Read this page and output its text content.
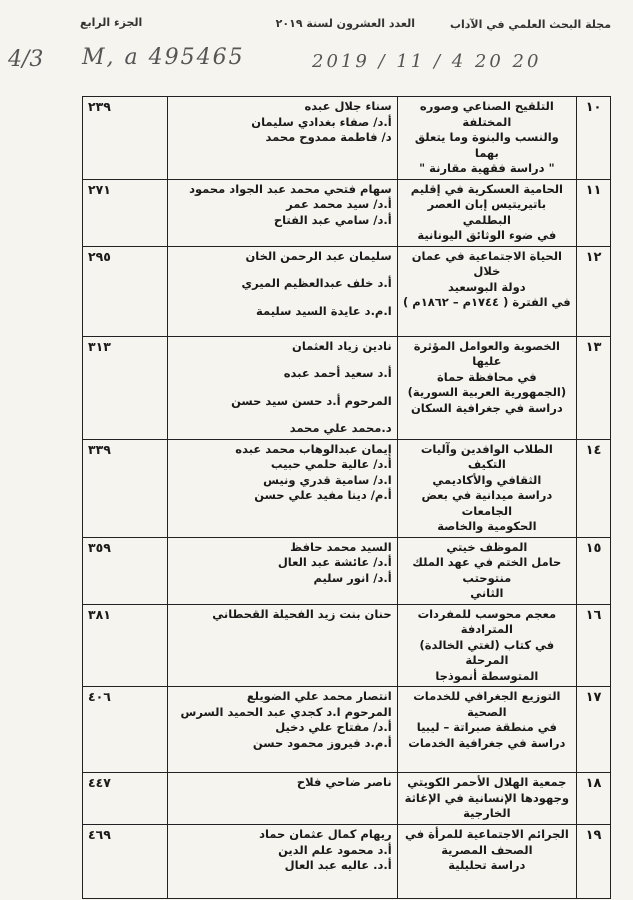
مجلة البحث العلمي في الآداب
العدد العشرون لسنة ٢٠١٩
الجزء الرابع
4/3 M, a 495465	2019 / 11 / 4 20 20
١٠	التلقيح الصناعي وصوره المختلفة
والنسب والبنوة وما يتعلق بهما
" دراسة فقهية مقارنة "	سناء جلال عبده
أ.د/ صفاء بغدادي سليمان
د/ فاطمة ممدوح محمد	٢٣٩
١١	الحامية العسكرية في إقليم
باتيريتيس إبان العصر البطلمي
في ضوء الوثائق اليونانية	سهام فتحي محمد عبد الجواد محمود
أ.د/ سيد محمد عمر
أ.د/ سامي عبد الفتاح	٢٧١
١٢	الحياة الاجتماعية في عمان خلال
دولة البوسعيد
في الفترة ( ١٧٤٤م – ١٨٦٢م )	سليمان عبد الرحمن الخان
أ.د خلف عبدالعظيم الميري
ا.م.د عايدة السيد سليمة	٢٩٥
١٣	الخصوبة والعوامل المؤثرة عليها
في محافظة حماة
(الجمهورية العربية السورية)
دراسة في جغرافية السكان	نادين زياد العثمان
أ.د سعيد أحمد عبده
المرحوم أ.د حسن سيد حسن
د.محمد علي محمد	٣١٣
١٤	الطلاب الوافدين وآليات التكيف
الثقافي والأكاديمي
دراسة ميدانية في بعض الجامعات
الحكومية والخاصة	إيمان عبدالوهاب محمد عبده
أ.د/ عالية حلمي حبيب
ا.د/ سامية قدري ونيس
أ.م/ دينا مفيد علي حسن	٣٣٩
١٥	الموظف خيتي
حامل الختم في عهد الملك منتوحتب
الثاني	السيد محمد حافظ
أ.د/ عائشة عبد العال
أ.د/ انور سليم	٣٥٩
١٦	معجم محوسب للمفردات المترادفة
في كتاب (لغتي الخالدة) المرحلة
المتوسطة أنموذجا	حنان بنت زيد الفحيلة القحطاني	٣٨١
١٧	التوزيع الجغرافي للخدمات الصحية
في منطقة صبراتة – ليبيا
دراسة في جغرافية الخدمات	انتصار محمد علي الضويلع
المرحوم ا.د كجدي عبد الحميد السرس
أ.د/ مفتاح علي دخيل
أ.م.د فيروز محمود حسن	٤٠٦
١٨	جمعية الهلال الأحمر الكويتي
وجهودها الإنسانية في الإغاثة
الخارجية	ناصر ضاحي فلاح	٤٤٧
١٩	الجرائم الاجتماعية للمرأة في
الصحف المصرية
دراسة تحليلية	ريهام كمال عثمان حماد
أ.د محمود علم الدين
أ.د. عاليه عبد العال	٤٦٩
